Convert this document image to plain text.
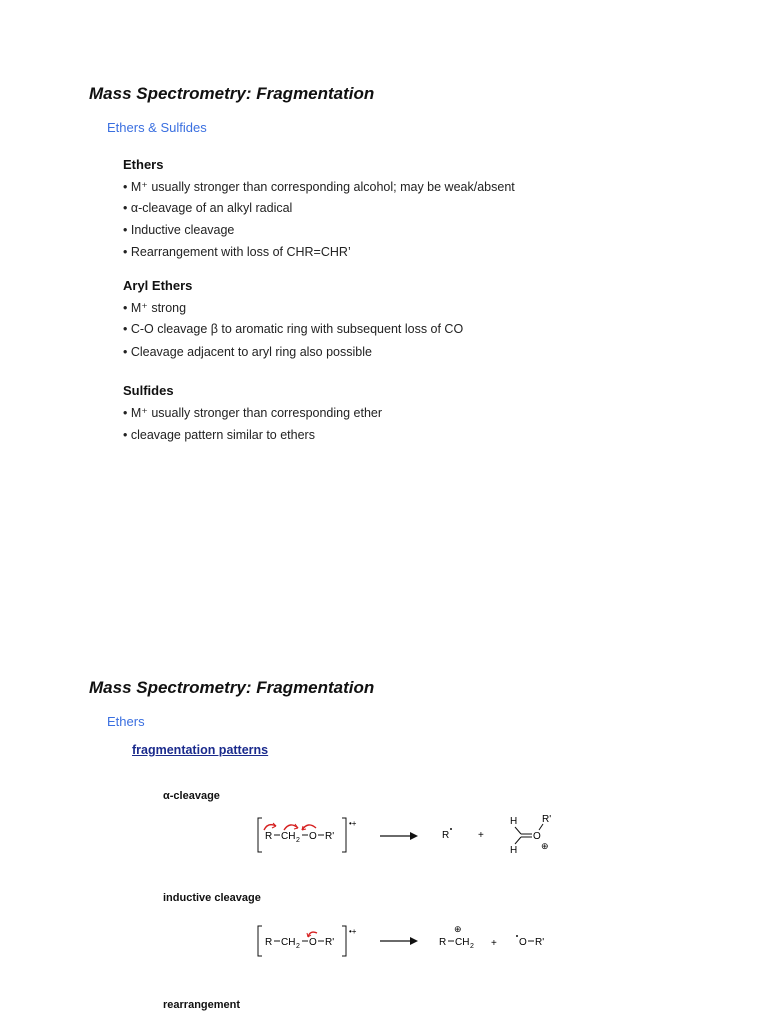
Mass Spectrometry: Fragmentation
Ethers & Sulfides
Ethers
• M⁺ usually stronger than corresponding alcohol; may be weak/absent
• α-cleavage of an alkyl radical
• Inductive cleavage
• Rearrangement with loss of CHR=CHR’
Aryl Ethers
• M⁺ strong
• C-O cleavage β to aromatic ring with subsequent loss of CO
• Cleavage adjacent to aryl ring also possible
Sulfides
• M⁺ usually stronger than corresponding ether
• cleavage pattern similar to ethers
Mass Spectrometry: Fragmentation
Ethers
fragmentation patterns
α-cleavage
R CH 2 O R'
•+
R	+
H
H
O
R'
⊕
inductive cleavage
R CH 2 O R'
•+
R CH 2
⊕
+ O R'
rearrangement
